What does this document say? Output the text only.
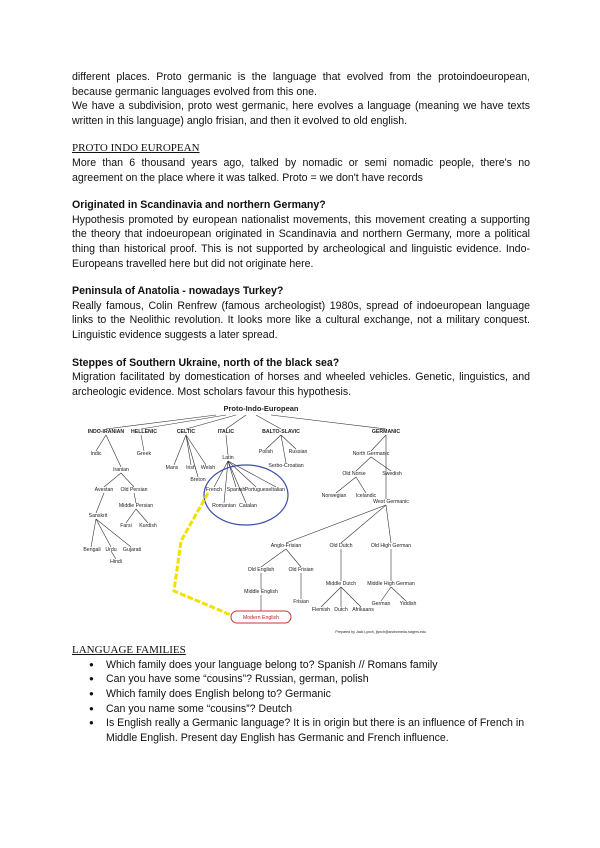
different places. Proto germanic is the language that evolved from the protoindoeuropean, because germanic languages evolved from this one.

We have a subdivision, proto west germanic, here evolves a language (meaning we have texts written in this language) anglo frisian, and then it evolved to old english.

PROTO INDO EUROPEAN

More than 6 thousand years ago, talked by nomadic or semi nomadic people, there's no agreement on the place where it was talked. Proto = we don't have records

Originated in Scandinavia and northern Germany?

Hypothesis promoted by european nationalist movements, this movement creating a supporting the theory that indoeuropean originated in Scandinavia and northern Germany, more a political thing than historical proof. This is not supported by archeological and linguistic evidence. Indo-Europeans travelled here but did not originate here.

Peninsula of Anatolia - nowadays Turkey?

Really famous, Colin Renfrew (famous archeologist) 1980s, spread of indoeuropean language links to the Neolithic revolution. It looks more like a cultural exchange, not a military conquest. Linguistic evidence suggests a later spread.

Steppes of Southern Ukraine, north of the black sea?

Migration facilitated by domestication of horses and wheeled vehicles. Genetic, linguistics, and archeologic evidence. Most scholars favour this hypothesis.

Proto-Indo-European
INDO-IRANIAN HELLENIC	CELTIC	ITALIC	BALTO-SLAVIC	GERMANIC
Indic
Iranian
Greek
Manx Irish Welsh
Breton
Latin
Polish	Russian
Serbo-Croatian
North Germanic
Old Norse	Swedish
Norwegian Icelandic
West Germanic
Avestan Old Persian
Sanskrit
Middle Persian
Farsi Kurdish
Bengali Urdu Gujarati
Hindi
French Spanish Portuguese Italian
Romanian Catalan
Anglo-Frisian	Old Dutch	Old High German
Old English	Old Frisian
Middle Dutch Middle High German
Middle English
Frisian
Flemish Dutch Afrikaans
German Yiddish
Modern English
Prepared by Jack Lynch, jlynch@andromeda.rutgers.edu

LANGUAGE FAMILIES

● Which family does your language belong to? Spanish // Romans family
● Can you have some “cousins”? Russian, german, polish
● Which family does English belong to? Germanic
● Can you name some “cousins”? Deutch
● Is English really a Germanic language? It is in origin but there is an influence of French in Middle English. Present day English has Germanic and French influence.
